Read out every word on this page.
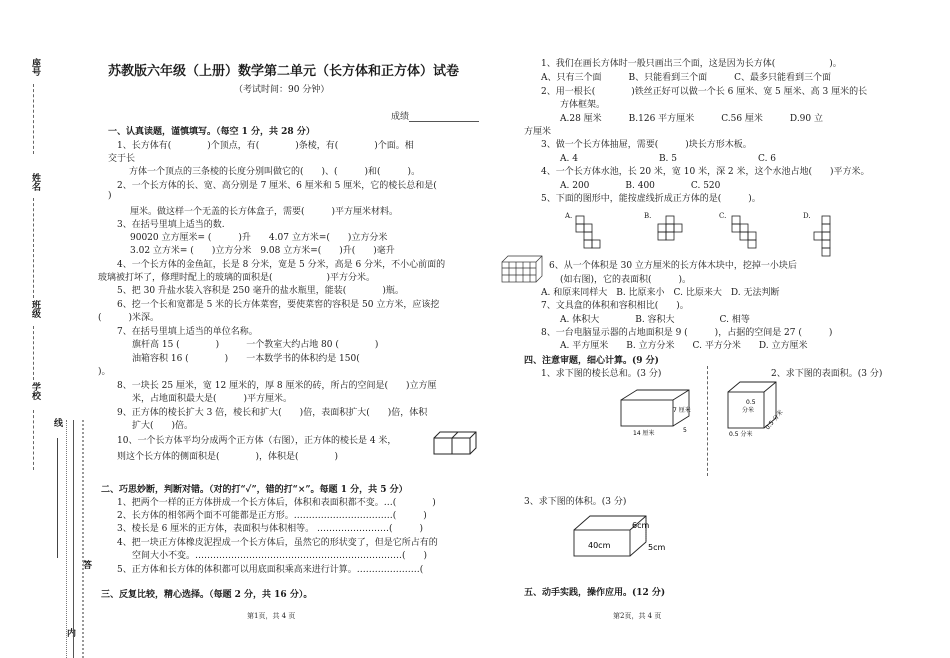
座号
姓名
班级
学校
线
答
内
苏教版六年级（上册）数学第二单元（长方体和正方体）试卷
（考试时间：90 分钟）
成绩
一、认真读题，谨慎填写。（每空 1 分，共 28 分）
1、长方体有(　　　　)个顶点，有(　　　　)条棱，有(　　　　)个面。相
交于长
方体一个顶点的三条棱的长度分别叫做它的(　　)、(　　　)和(　　　)。
2、一个长方体的长、宽、高分别是 7 厘米、6 厘米和 5 厘米，它的棱长总和是(
)
厘米。做这样一个无盖的长方体盒子，需要(　　　)平方厘米材料。
3、在括号里填上适当的数.
90020 立方厘米= (　　　)升　　4.07 立方米=(　　)立方分米
3.02 立方米= (　　)立方分米　9.08 立方米=(　　)升(　　)毫升
4、一个长方体的金鱼缸，长是 8 分米，宽是 5 分米，高是 6 分米，不小心前面的
玻璃被打坏了，修理时配上的玻璃的面积是(　　　　　　)平方分米。
5、把 30 升盐水装入容积是 250 毫升的盐水瓶里，能装(　　　　)瓶。
6、挖一个长和宽都是 5 米的长方体菜窖，要使菜窖的容积是 50 立方米，应该挖
(　　　)米深。
7、在括号里填上适当的单位名称。
旗杆高 15 (　　　　)　　　一个教室大约占地 80 (　　　　)
油箱容积 16 (　　　　)　　一本数学书的体积约是 150(
)。
8、一块长 25 厘米，宽 12 厘米的，厚 8 厘米的砖，所占的空间是(　　)立方厘
米，占地面积最大是(　　　)平方厘米。
9、正方体的棱长扩大 3 倍，棱长和扩大(　　)倍，表面积扩大(　　)倍，体积
扩大(　　)倍。
10、一个长方体平均分成两个正方体（右图），正方体的棱长是 4 米，
则这个长方体的侧面积是(　　　　)，体积是(　　　　)
二、巧思妙断，判断对错。（对的打“✓”，错的打“×”。每题 1 分，共 5 分）
1、把两个一样的正方体拼成一个长方体后，体积和表面积都不变。…(　　　　)
2、长方体的相邻两个面不可能都是正方形。……………………………(　　　)
3、棱长是 6 厘米的正方体，表面积与体积相等。 ……………………(　　　)
4、把一块正方体橡皮泥捏成一个长方体后，虽然它的形状变了，但是它所占有的
空间大小不变。……………………………………………………………(　　)
5、正方体和长方体的体积都可以用底面积乘高来进行计算。…………………(
三、反复比较，精心选择。（每题 2 分，共 16 分）。
第1页，共 4 页	第2页，共 4 页
1、我们在画长方体时一般只画出三个面，这是因为长方体(　　　　　　)。
A、只有三个面　　　B、只能看到三个面　　　C、最多只能看到三个面
2、用一根长(　　　　)铁丝正好可以做一个长 6 厘米、宽 5 厘米、高 3 厘米的长
方体框架。
A.28 厘米　　　B.126 平方厘米　　　C.56 厘米　　　D.90 立
方厘米
3、做一个长方体抽屉，需要(　　　)块长方形木板。
A. 4　　　　　　　　　B. 5　　　　　　　　　C. 6
4、一个长方体水池，长 20 米，宽 10 米，深 2 米，这个水池占地(　　)平方米。
A. 200　　　　B. 400　　　　C. 520
5、下面的图形中，能按虚线折成正方体的是(　　　)。
A.	B.	C.	D.
6、从一个体积是 30 立方厘米的长方体木块中，挖掉一小块后
(如右图)，它的表面积(　　　)。
A. 和原来同样大　B. 比原来小　C. 比原来大　D. 无法判断
7、文具盒的体积和容积相比(　　)。
A. 体积大　　　　B. 容积大　　　　　C. 相等
8、一台电脑显示器的占地面积是 9 (　　　)，占据的空间是 27 (　　　)
A. 平方厘米　　B. 立方分米　　C. 平方分米　　D. 立方厘米
四、注意审题，细心计算。(9 分)
1、求下图的棱长总和。(3 分)	2、求下图的表面积。(3 分)
14 厘米
7 厘米
5
0.5
分米
0.5 分米
0.5 分米
3、求下图的体积。(3 分)
6cm
5cm
40cm
五、动手实践，操作应用。(12 分)
